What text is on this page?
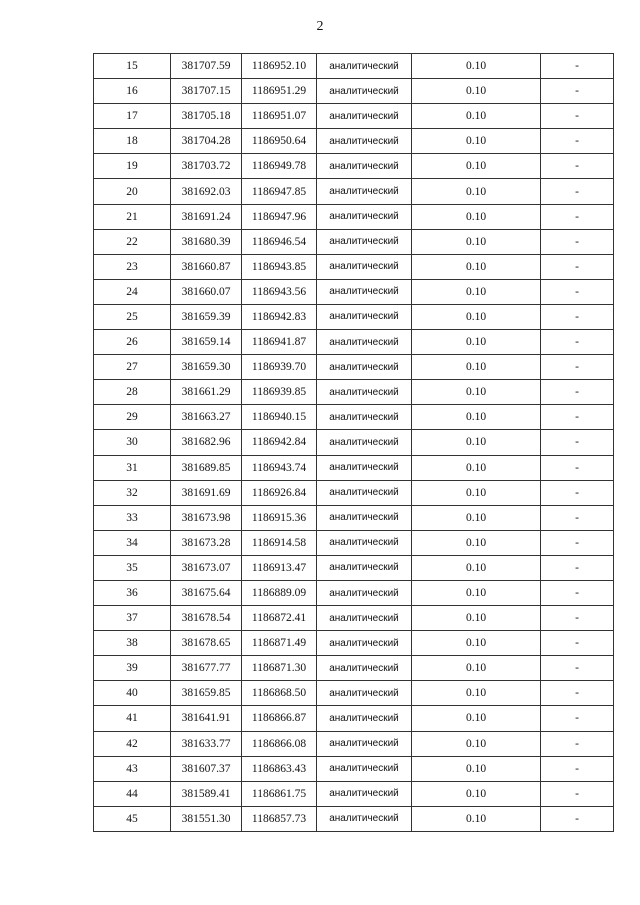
2
15	381707.59	1186952.10	аналитический	0.10	-
16	381707.15	1186951.29	аналитический	0.10	-
17	381705.18	1186951.07	аналитический	0.10	-
18	381704.28	1186950.64	аналитический	0.10	-
19	381703.72	1186949.78	аналитический	0.10	-
20	381692.03	1186947.85	аналитический	0.10	-
21	381691.24	1186947.96	аналитический	0.10	-
22	381680.39	1186946.54	аналитический	0.10	-
23	381660.87	1186943.85	аналитический	0.10	-
24	381660.07	1186943.56	аналитический	0.10	-
25	381659.39	1186942.83	аналитический	0.10	-
26	381659.14	1186941.87	аналитический	0.10	-
27	381659.30	1186939.70	аналитический	0.10	-
28	381661.29	1186939.85	аналитический	0.10	-
29	381663.27	1186940.15	аналитический	0.10	-
30	381682.96	1186942.84	аналитический	0.10	-
31	381689.85	1186943.74	аналитический	0.10	-
32	381691.69	1186926.84	аналитический	0.10	-
33	381673.98	1186915.36	аналитический	0.10	-
34	381673.28	1186914.58	аналитический	0.10	-
35	381673.07	1186913.47	аналитический	0.10	-
36	381675.64	1186889.09	аналитический	0.10	-
37	381678.54	1186872.41	аналитический	0.10	-
38	381678.65	1186871.49	аналитический	0.10	-
39	381677.77	1186871.30	аналитический	0.10	-
40	381659.85	1186868.50	аналитический	0.10	-
41	381641.91	1186866.87	аналитический	0.10	-
42	381633.77	1186866.08	аналитический	0.10	-
43	381607.37	1186863.43	аналитический	0.10	-
44	381589.41	1186861.75	аналитический	0.10	-
45	381551.30	1186857.73	аналитический	0.10	-
